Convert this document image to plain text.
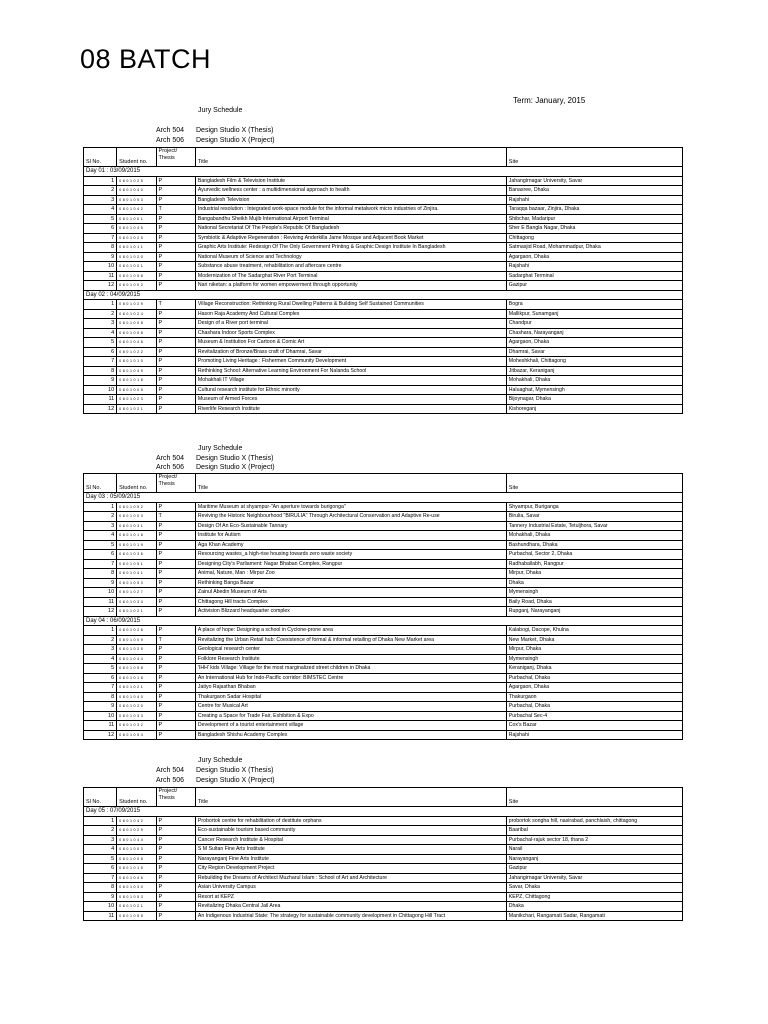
08 BATCH
Term: January, 2015
Jury Schedule
Arch 504 Design Studio X (Thesis)
Arch 506 Design Studio X (Project)
Sl No.	Student no.	Project/
Thesis	Title	Site
Day 01 : 03/09/2015				
1	0 8 0 1 0 2 5	P	Bangladesh Film & Television Institute	Jahangirnagar University, Savar
2	0 8 0 1 0 4 0	P	Ayurvedic wellness center : a multidimensional approach to health	Banasree, Dhaka
3	0 8 0 1 0 5 3	P	Bangladesh Television	Rajshahi
4	0 8 0 1 0 4 2	T	Industrial resolution : Integrated work-space module for the informal metalwork micro industries of Zinjira.	Taraqqa bazaar, Zinjira, Dhaka
5	0 8 0 1 0 0 1	P	Bangabandhu Sheikh Mujib International Airport Terminal	Shibchar, Madaripur
6	0 8 0 1 0 4 5	P	National Secretariat Of The People's Republic Of Bangladesh	Sher E Bangla Nagar, Dhaka
7	0 8 0 1 0 2 5	P	Symbiotic & Adaptive Regeneration : Reviving Anderkilla Jame Mosque and Adjacent Book Market	Chittagong
8	0 8 0 1 0 1 1	P	Graphic Arts Institute: Redesign Of The Only Government Printing & Graphic Design Institute In Bangladesh	Satmasjid Road, Mohammadpur, Dhaka
9	0 8 0 1 0 2 0	P	National Museum of Science and Technology	Agargaon, Dhaka
10	0 8 0 1 0 0 1	P	Substance abuse treatment, rehabilitation and aftercare centre	Rajshahi
11	0 8 0 1 0 5 6	P	Modernization of The Sadarghat River Port Terminal	Sadarghat Terminal
12	0 8 0 1 0 0 2	P	Nari niketan: a platform for women empowerment through opportunity	Gazipur
Day 02 : 04/09/2015				
1	0 8 0 1 0 2 9	T	Village Reconstruction: Rethinking Rural Dwelling Patterns & Building Self Sustained Communities	Bogra
2	0 8 0 1 0 2 4	P	Hason Raja Academy And Cultural Complex	Mallikpur, Sunamganj
3	0 8 0 1 0 0 8	P	Design of a River port terminal	Chandpur
4	0 8 0 1 0 0 6	P	Chashara Indoor Sports Complex	Chashara, Narayanganj
5	0 8 0 1 0 4 8	P	Museum & Institution For Cartoon & Comic Art	Agargaon, Dhaka
6	0 8 0 1 0 2 2	P	Revitalization of Bronze/Brass craft of Dhamrai, Savar	Dhamrai, Savar
7	0 8 0 1 0 1 0	P	Promoting Living Heritage : Fishermen Community Development	Moheshkhali, Chittagong
8	0 8 0 1 0 4 9	P	Rethinking School: Alternative Learning Environment For Nalanda School	Jitbazar, Keraniganj
9	0 8 0 1 0 1 8	P	Mohakhali IT Village	Mohakhali, Dhaka
10	0 8 0 1 0 0 5	P	Cultural research institute for Ethnic minority	Haluaghat, Mymensingh
11	0 8 0 1 0 2 3	P	Museum of Armed Forces	Bijoynagar, Dhaka
12	0 8 0 1 0 2 1	P	Riverlife Research Institute	Kishoreganj
Jury Schedule
Arch 504 Design Studio X (Thesis)
Arch 506 Design Studio X (Project)
Sl No.	Student no.	Project/
Thesis	Title	Site
Day 03 : 05/09/2015				
1	0 8 0 1 0 5 2	P	Maritime Museum at shyampur-"An aperture towards burigonga"	Shyampur, Buriganga
2	0 8 0 1 0 0 3	T	Reviving the Historic Neighbourhood "BIRULIA" Through Architectural Conservation and Adaptive Re-use	Birulia, Savar
3	0 8 0 1 0 3 1	P	Design Of An Eco-Sustainable Tannary	Tannery Industrial Estate, Tetuljhora, Savar
4	0 8 0 1 0 1 6	P	Institute for Autism	Mohakhali, Dhaka
5	0 8 0 1 0 1 9	P	Aga Khan Academy	Bashundhara, Dhaka
6	0 8 0 1 0 3 6	P	Resourcing wastes_a high-rise housing towards zero waste society	Purbachal, Sector 2, Dhaka
7	0 8 0 1 0 5 1	P	Designing City's Parliament: Nagar Bhaban Complex, Rangpur	Radhaballabh, Rangpur
8	0 8 0 1 0 4 1	P	Animal, Nature, Man : Mirpur Zoo	Mirpur, Dhaka
9	0 8 0 1 0 5 3	P	Rethinking Banga Bazar	Dhaka
10	0 8 0 1 0 2 7	P	Zainul Abedin Museum of Arts	Mymensingh
11	0 8 0 1 0 3 4	P	Chittagong Hill tracts Complex	Baily Road, Dhaka
12	0 8 0 1 0 2 1	P	Activision Blizzard headquarter complex	Rupganj, Narayanganj
Day 04 : 06/09/2015				
1	0 8 0 1 0 2 6	P	A place of hope: Designing a school in Cyclone-prone area	Kalabogi, Dacope, Khulna
2	0 8 0 1 0 0 9	T	Revitalizing the Urban Retail hub: Coexistence of formal & informal retailing of Dhaka New Market area	New Market, Dhaka
3	0 8 0 1 0 2 5	P	Geological research center	Mirpur, Dhaka
4	0 8 0 1 0 4 4	P	Folklore Research Institute	Mymensingh
5	0 8 0 1 0 5 8	P	'IHH' kids Village: Village for the most marginalized street children in Dhaka	Keraniganj, Dhaka
6	0 8 0 1 0 1 8	P	An International Hub for Indo-Pacific corridor: BIMSTEC Centre	Purbachal, Dhaka
7	0 8 0 1 0 2 1	P	Jatiyo Rajasthan Bhaban	Agargaon, Dhaka
8	0 8 0 1 0 4 0	P	Thakurgaon Sadar Hospital	Thakurgaon
9	0 8 0 1 0 2 0	P	Centre for Musical Art	Purbachal, Dhaka
10	0 8 0 1 0 3 3	P	Creating a Space for Trade Fair, Exhibition & Expo	Purbachal Sec-4
11	0 8 0 1 0 3 2	P	Development of a tourist entertainment village	Cox's Bazar
12	0 8 0 1 0 5 4	P	Bangladesh Shishu Academy Complex	Rajshahi
Jury Schedule
Arch 504 Design Studio X (Thesis)
Arch 506 Design Studio X (Project)
Sl No.	Student no.	Project/
Thesis	Title	Site
Day 05 : 07/09/2015				
1	0 8 0 1 0 4 2	P	Probortok centre for rehabilitation of destitute orphans	probortok songha hill, nasirabad, panchlaish, chittagong
2	0 8 0 1 0 2 9	P	Eco-sustainable tourism based community	Baaribal
3	0 8 0 1 0 4 4	P	Cancer Research Institute & Hospital	Purbachal-rajuk sector 18, thana 2
4	0 8 0 1 0 0 3	P	S M Sultan Fine Arts Institute	Narail
5	0 8 0 1 0 0 8	P	Narayanganj Fine Arts Institute	Narayanganj
6	0 8 0 1 0 1 5	P	City Region Development Project	Gazipur
7	0 8 0 1 0 4 6	P	Rebuilding the Dreams of Architect Muzharul Islam : School of Art and Architecture	Jahangirnagar University, Savar
8	0 8 0 1 0 3 0	P	Asian University Campus	Savar, Dhaka
9	0 8 0 1 0 5 3	P	Resort at KEPZ	KEPZ, Chittagong
10	0 8 0 1 0 2 1	P	Revitalizing Dhaka Central Jail Area	Dhaka
11	0 8 0 1 0 5 5	P	An Indigenous Industrial State: The strategy for sustainable community development in Chittagong Hill Tract	Manikchari, Rangamati Sadar, Rangamati
